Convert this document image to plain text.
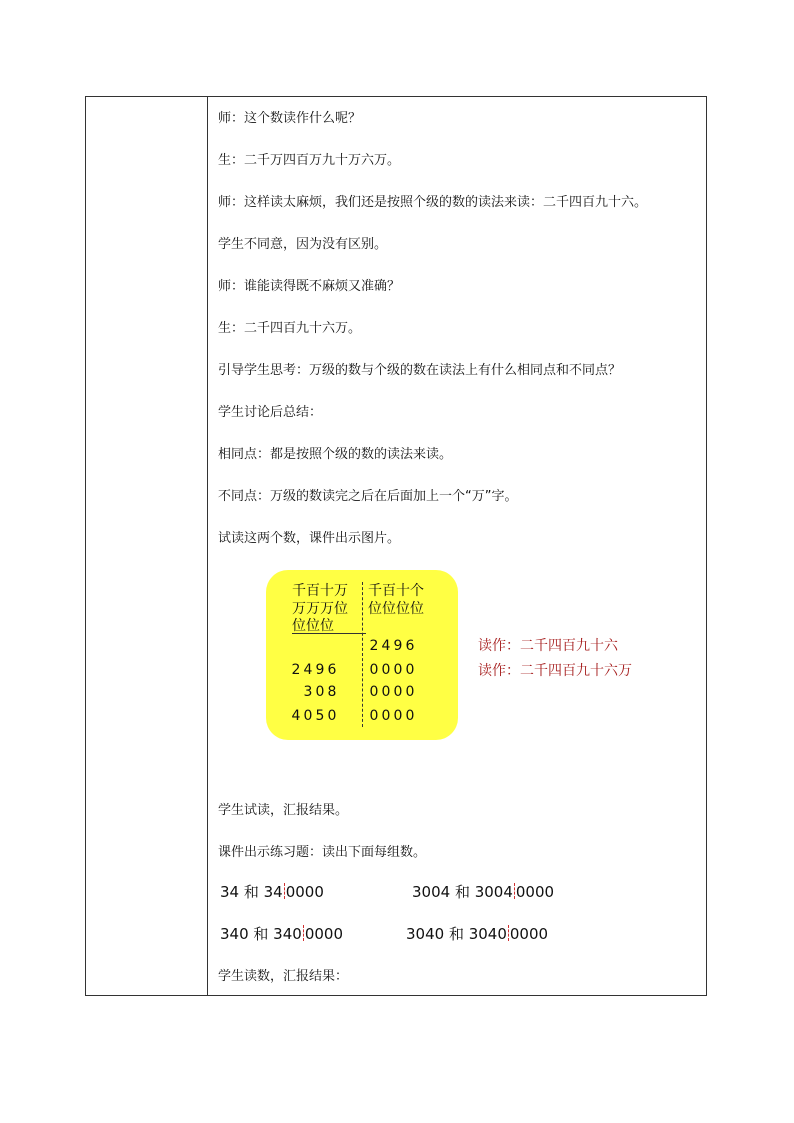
师：这个数读作什么呢？
生：二千万四百万九十万六万。
师：这样读太麻烦，我们还是按照个级的数的读法来读：二千四百九十六。
学生不同意，因为没有区别。
师：谁能读得既不麻烦又准确？
生：二千四百九十六万。
引导学生思考：万级的数与个级的数在读法上有什么相同点和不同点？
学生讨论后总结：
相同点：都是按照个级的数的读法来读。
不同点：万级的数读完之后在后面加上一个“万”字。
试读这两个数，课件出示图片。
千百十万
万万万位
位位位
千百十个
位位位位
2 4 9 6
2 4 9 6 0 0 0 0
3 0 8 0 0 0 0
4 0 5 0 0 0 0 0
读作：二千四百九十六
读作：二千四百九十六万
学生试读，汇报结果。
课件出示练习题：读出下面每组数。
34 和 34 0000	3004 和 3004 0000
340 和 340 0000	3040 和 3040 0000
学生读数，汇报结果：
